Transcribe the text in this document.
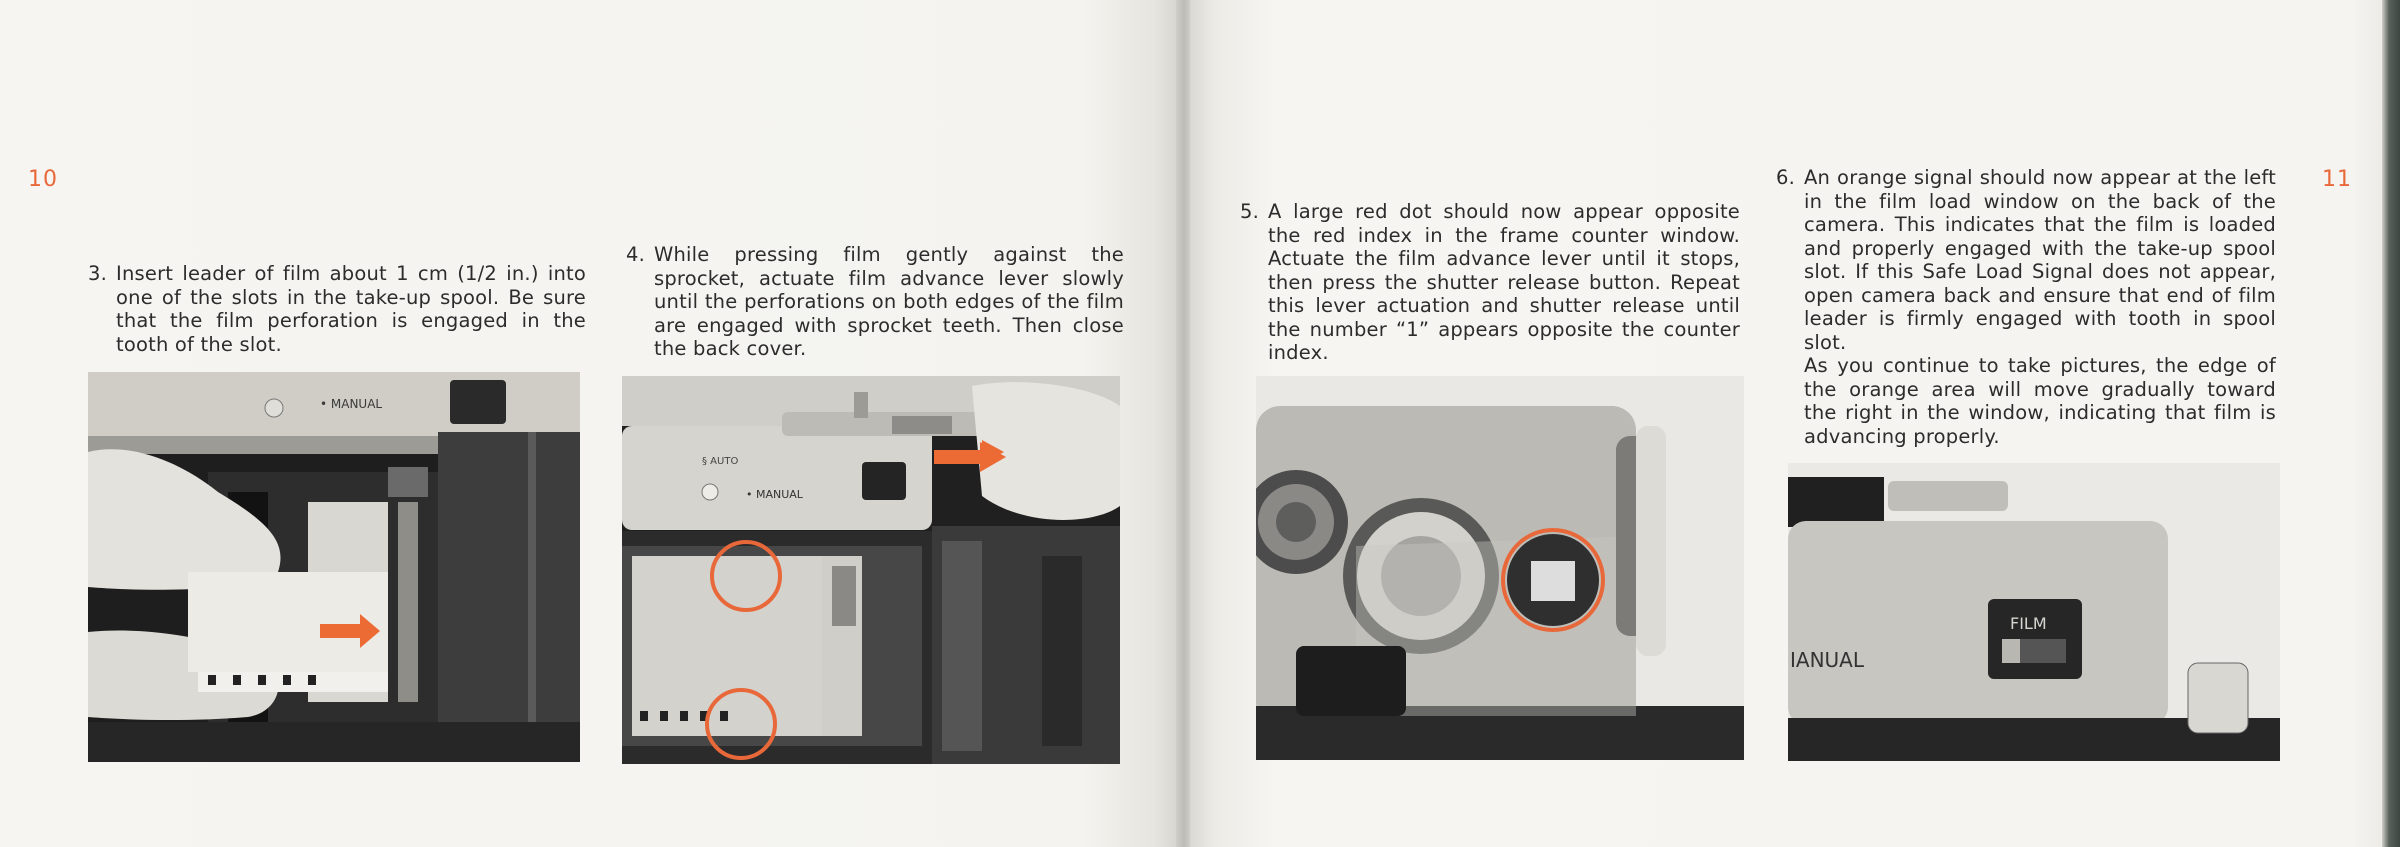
10	11
3. Insert leader of film about 1 cm (1/2 in.) into one of the slots in the take-up spool. Be sure that the film perforation is engaged in the tooth of the slot.
4. While pressing film gently against the sprocket, actuate film advance lever slowly until the perforations on both edges of the film are engaged with sprocket teeth. Then close the back cover.
5. A large red dot should now appear opposite the red index in the frame counter window. Actuate the film advance lever until it stops, then press the shutter release button. Repeat this lever actuation and shutter release until the number “1” appears opposite the counter index.
6. An orange signal should now appear at the left in the film load window on the back of the camera. This indicates that the film is loaded and properly engaged with the take-up spool slot. If this Safe Load Signal does not appear, open camera back and ensure that end of film leader is firmly engaged with tooth in spool slot.
As you continue to take pictures, the edge of the orange area will move gradually toward the right in the window, indicating that film is advancing properly.
• MANUAL
§ AUTO
• MANUAL
IANUAL
FILM
